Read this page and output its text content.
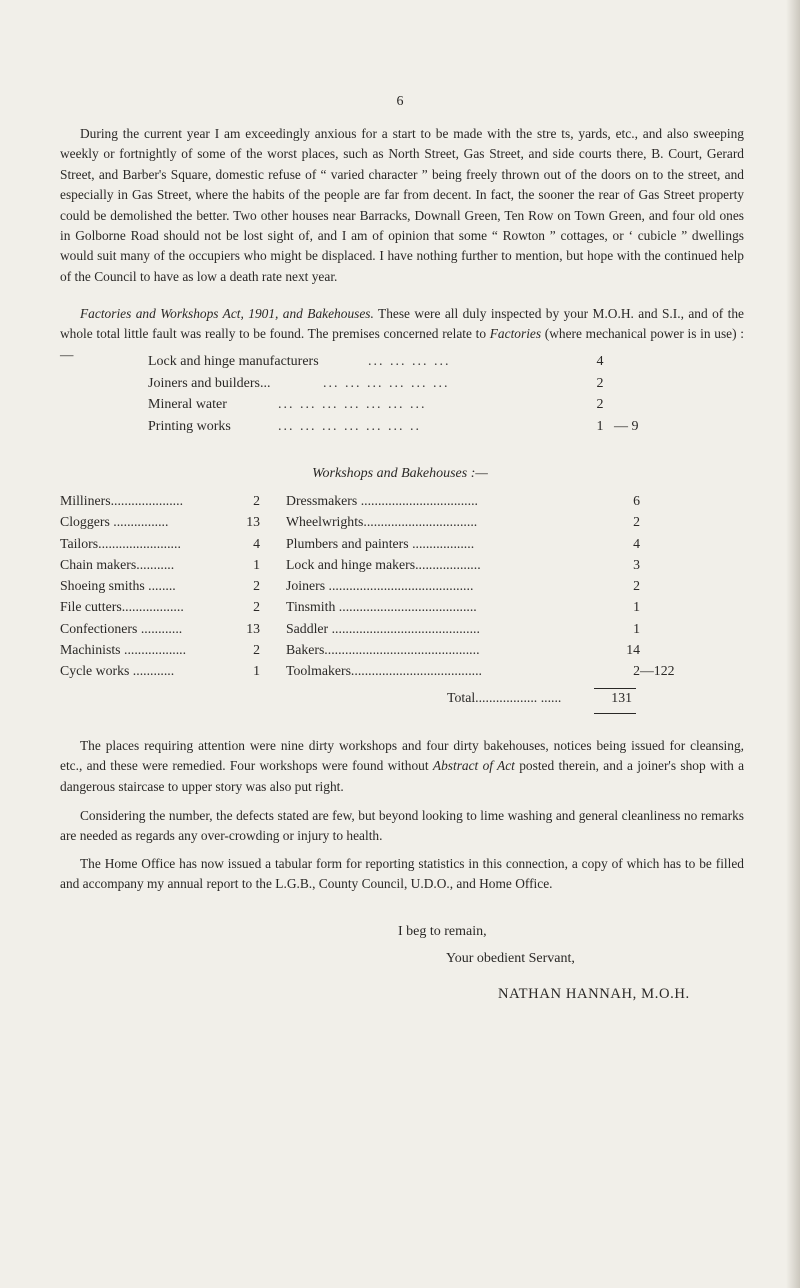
6

During the current year I am exceedingly anxious for a start to be made with the stre ts, yards, etc., and also sweeping weekly or fortnightly of some of the worst places, such as North Street, Gas Street, and side courts there, B. Court, Gerard Street, and Barber's Square, domestic refuse of “ varied character ” being freely thrown out of the doors on to the street, and especially in Gas Street, where the habits of the people are far from decent. In fact, the sooner the rear of Gas Street property could be demolished the better. Two other houses near Barracks, Downall Green, Ten Row on Town Green, and four old ones in Golborne Road should not be lost sight of, and I am of opinion that some “ Rowton ” cottages, or ‘ cubicle ” dwellings would suit many of the occupiers who might be displaced. I have nothing further to mention, but hope with the continued help of the Council to have as low a death rate next year.

Factories and Workshops Act, 1901, and Bakehouses. These were all duly inspected by your M.O.H. and S.I., and of the whole total little fault was really to be found. The premises concerned relate to Factories (where mechanical power is in use) :—	Lock and hinge manufacturers	... ... ... ...	4
Joiners and builders...	... ... ... ... ... ...	2
Mineral water	... ... ... ... ... ... ...	2
Printing works	... ... ... ... ... ... ..	1 — 9
Workshops and Bakehouses :—
Milliners.....................	2
Cloggers ................	13
Tailors........................	4
Chain makers...........	1
Shoeing smiths ........	2
File cutters..................	2
Confectioners ............	13
Machinists ..................	2
Cycle works ............	1
Dressmakers ..................................	6
Wheelwrights.................................	2
Plumbers and painters ..................	4
Lock and hinge makers...................	3
Joiners ..........................................	2
Tinsmith ........................................	1
Saddler ...........................................	1
Bakers.............................................	14
Toolmakers......................................	2 —122
Total.................. ......	131

The places requiring attention were nine dirty workshops and four dirty bakehouses, notices being issued for cleansing, etc., and these were remedied. Four workshops were found without Abstract of Act posted therein, and a joiner's shop with a dangerous staircase to upper story was also put right.

Considering the number, the defects stated are few, but beyond looking to lime washing and general cleanliness no remarks are needed as regards any over-crowding or injury to health.

The Home Office has now issued a tabular form for reporting statistics in this connection, a copy of which has to be filled and accompany my annual report to the L.G.B., County Council, U.D.O., and Home Office.

I beg to remain,
Your obedient Servant,
NATHAN HANNAH, M.O.H.
